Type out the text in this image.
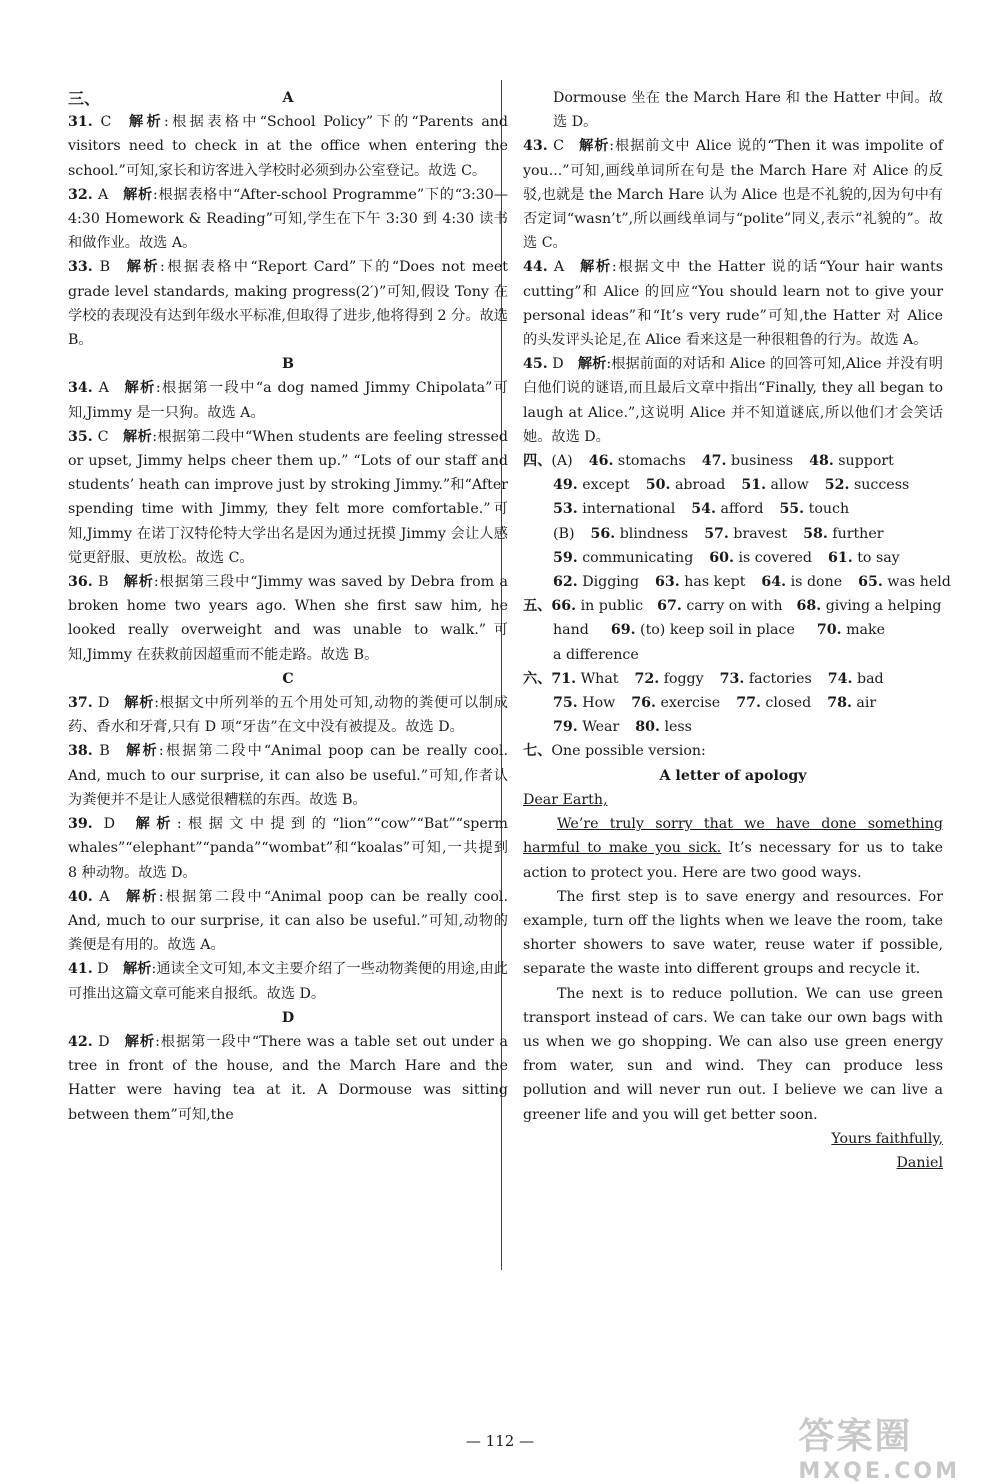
三、	A
31. C  解析:根据表格中“School Policy”下的“Parents and visitors need to check in at the office when entering the school.”可知,家长和访客进入学校时必须到办公室登记。故选 C。
32. A  解析:根据表格中“After-school Programme”下的“3:30—4:30 Homework & Reading”可知,学生在下午 3:30 到 4:30 读书和做作业。故选 A。
33. B  解析:根据表格中“Report Card”下的“Does not meet grade level standards, making progress(2′)”可知,假设 Tony 在学校的表现没有达到年级水平标准,但取得了进步,他将得到 2 分。故选 B。
B
34. A  解析:根据第一段中“a dog named Jimmy Chipolata”可知,Jimmy 是一只狗。故选 A。
35. C  解析:根据第二段中“When students are feeling stressed or upset, Jimmy helps cheer them up.” “Lots of our staff and students’ heath can improve just by stroking Jimmy.”和“After spending time with Jimmy, they felt more comfortable.”可知,Jimmy 在诺丁汉特伦特大学出名是因为通过抚摸 Jimmy 会让人感觉更舒服、更放松。故选 C。
36. B  解析:根据第三段中“Jimmy was saved by Debra from a broken home two years ago. When she first saw him, he looked really overweight and was unable to walk.”可知,Jimmy 在获救前因超重而不能走路。故选 B。
C
37. D  解析:根据文中所列举的五个用处可知,动物的粪便可以制成药、香水和牙膏,只有 D 项“牙齿”在文中没有被提及。故选 D。
38. B  解析:根据第二段中“Animal poop can be really cool. And, much to our surprise, it can also be useful.”可知,作者认为粪便并不是让人感觉很糟糕的东西。故选 B。
39. D  解析:根据文中提到的“lion”“cow”“Bat”“sperm whales”“elephant”“panda”“wombat”和“koalas”可知,一共提到 8 种动物。故选 D。
40. A  解析:根据第二段中“Animal poop can be really cool. And, much to our surprise, it can also be useful.”可知,动物的粪便是有用的。故选 A。
41. D  解析:通读全文可知,本文主要介绍了一些动物粪便的用途,由此可推出这篇文章可能来自报纸。故选 D。
D
42. D  解析:根据第一段中“There was a table set out under a tree in front of the house, and the March Hare and the Hatter were having tea at it. A Dormouse was sitting between them”可知,the
Dormouse 坐在 the March Hare 和 the Hatter 中间。故选 D。
43. C  解析:根据前文中 Alice 说的“Then it was impolite of you...”可知,画线单词所在句是 the March Hare 对 Alice 的反驳,也就是 the March Hare 认为 Alice 也是不礼貌的,因为句中有否定词“wasn’t”,所以画线单词与“polite”同义,表示“礼貌的”。故选 C。
44. A  解析:根据文中 the Hatter 说的话“Your hair wants cutting”和 Alice 的回应“You should learn not to give your personal ideas”和“It’s very rude”可知,the Hatter 对 Alice 的头发评头论足,在 Alice 看来这是一种很粗鲁的行为。故选 A。
45. D  解析:根据前面的对话和 Alice 的回答可知,Alice 并没有明白他们说的谜语,而且最后文章中指出“Finally, they all began to laugh at Alice.”,这说明 Alice 并不知道谜底,所以他们才会笑话她。故选 D。
四、(A) 46. stomachs 47. business 48. support
49. except 50. abroad 51. allow 52. success
53. international 54. afford 55. touch
(B) 56. blindness 57. bravest 58. further
59. communicating 60. is covered 61. to say
62. Digging 63. has kept 64. is done 65. was held
五、66. in public 67. carry on with 68. giving a helping
hand 69. (to) keep soil in place 70. make
a difference
六、71. What 72. foggy 73. factories 74. bad
75. How 76. exercise 77. closed 78. air
79. Wear 80. less
七、One possible version:
A letter of apology
Dear Earth,
We’re truly sorry that we have done something harmful to make you sick. It’s necessary for us to take action to protect you. Here are two good ways.
The first step is to save energy and resources. For example, turn off the lights when we leave the room, take shorter showers to save water, reuse water if possible, separate the waste into different groups and recycle it.
The next is to reduce pollution. We can use green transport instead of cars. We can take our own bags with us when we go shopping. We can also use green energy from water, sun and wind. They can produce less pollution and will never run out. I believe we can live a greener life and you will get better soon.
Yours faithfully,
Daniel
— 112 —	答案圈
MXQE.COM
